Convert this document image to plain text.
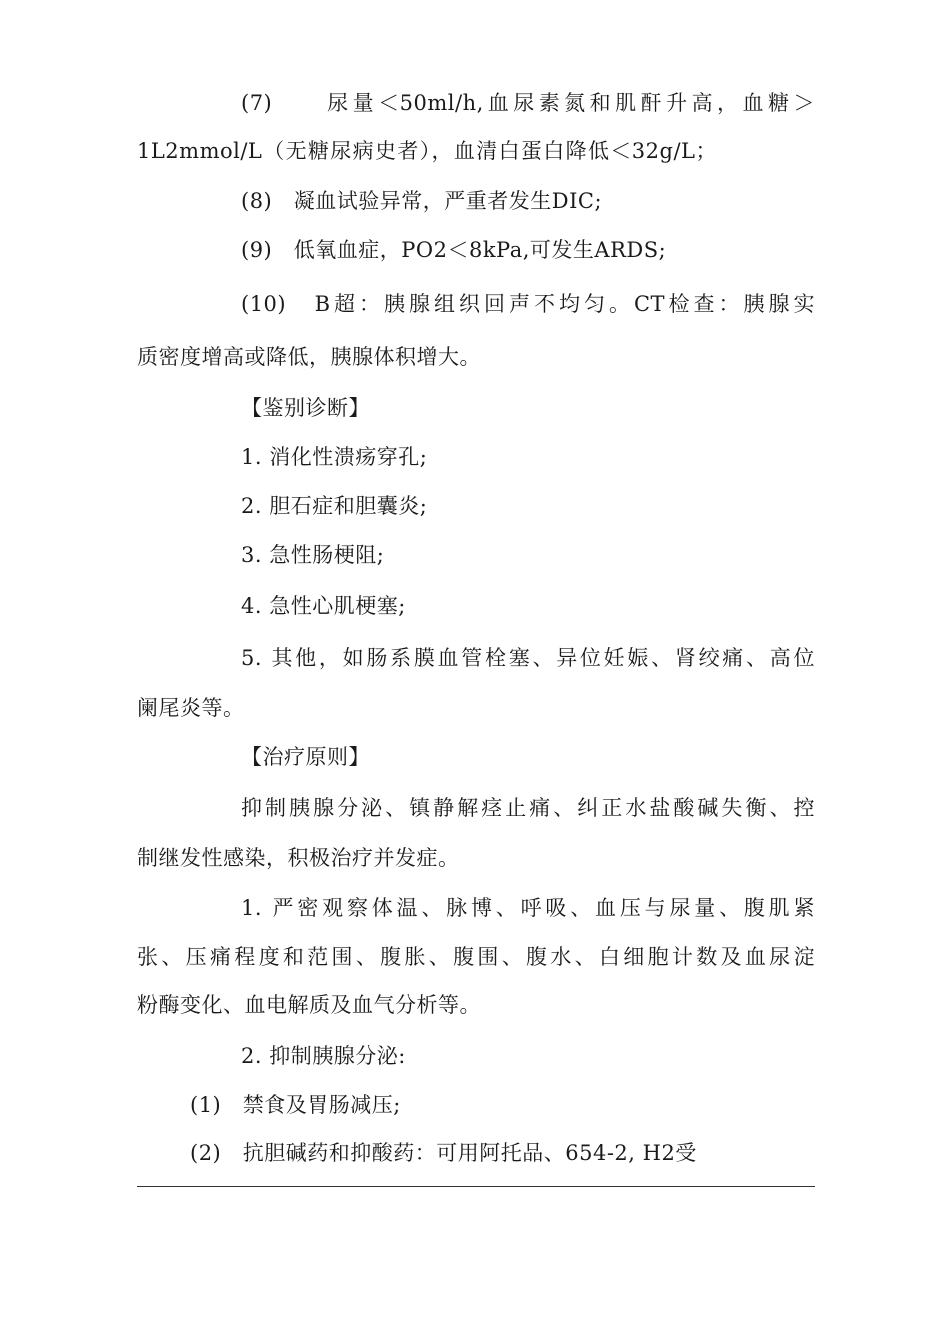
(7)　　尿量＜50ml/h,血尿素氮和肌酐升高，血糖＞
1L2mmol/L（无糖尿病史者），血清白蛋白降低＜32g/L；
(8)　凝血试验异常，严重者发生DIC;
(9)　低氧血症，PO2＜8kPa,可发生ARDS;
(10)　B超：胰腺组织回声不均匀。CT检查：胰腺实
质密度增高或降低，胰腺体积增大。
【鉴别诊断】
1. 消化性溃疡穿孔;
2. 胆石症和胆囊炎;
3. 急性肠梗阻;
4. 急性心肌梗塞;
5. 其他，如肠系膜血管栓塞、异位妊娠、肾绞痛、高位
阑尾炎等。
【治疗原则】
抑制胰腺分泌、镇静解痉止痛、纠正水盐酸碱失衡、控
制继发性感染，积极治疗并发症。
1. 严密观察体温、脉博、呼吸、血压与尿量、腹肌紧
张、压痛程度和范围、腹胀、腹围、腹水、白细胞计数及血尿淀
粉酶变化、血电解质及血气分析等。
2. 抑制胰腺分泌:
(1)　禁食及胃肠减压;
(2)　抗胆碱药和抑酸药：可用阿托品、654-2, H2受
